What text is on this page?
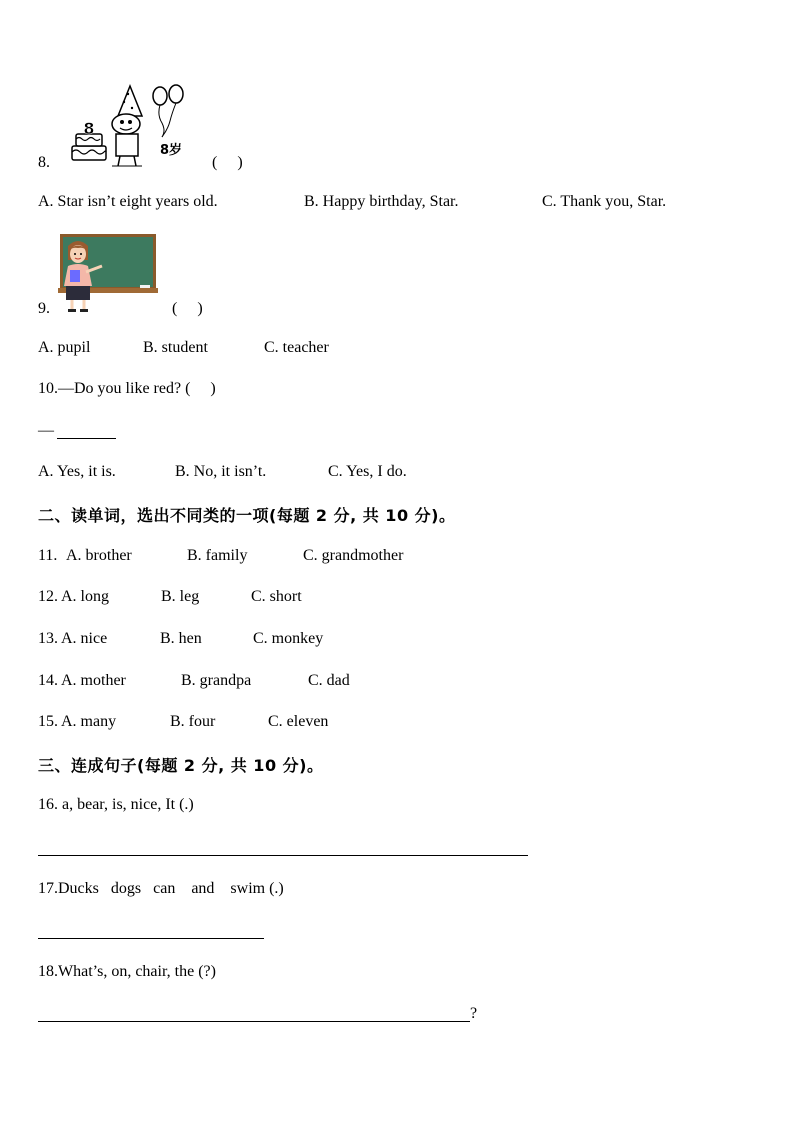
8
8岁
8.	(　 )
A. Star isn’t eight years old.	B. Happy birthday, Star.	C. Thank you, Star.
9.	(　 )
A. pupil	B. student	C. teacher
10.—Do you like red? (　 )
—
A. Yes, it is.	B. No, it isn’t.	C. Yes, I do.
二、读单词，选出不同类的一项(每题 2 分, 共 10 分)。
11. A. brother	B. family	C. grandmother
12. A. long	B. leg	C. short
13. A. nice	B. hen	C. monkey
14. A. mother	B. grandpa	C. dad
15. A. many	B. four	C. eleven
三、连成句子(每题 2 分, 共 10 分)。
16. a, bear, is, nice, It (.)
17.Ducks   dogs   can    and    swim (.)
18.What’s, on, chair, the (?)
?
